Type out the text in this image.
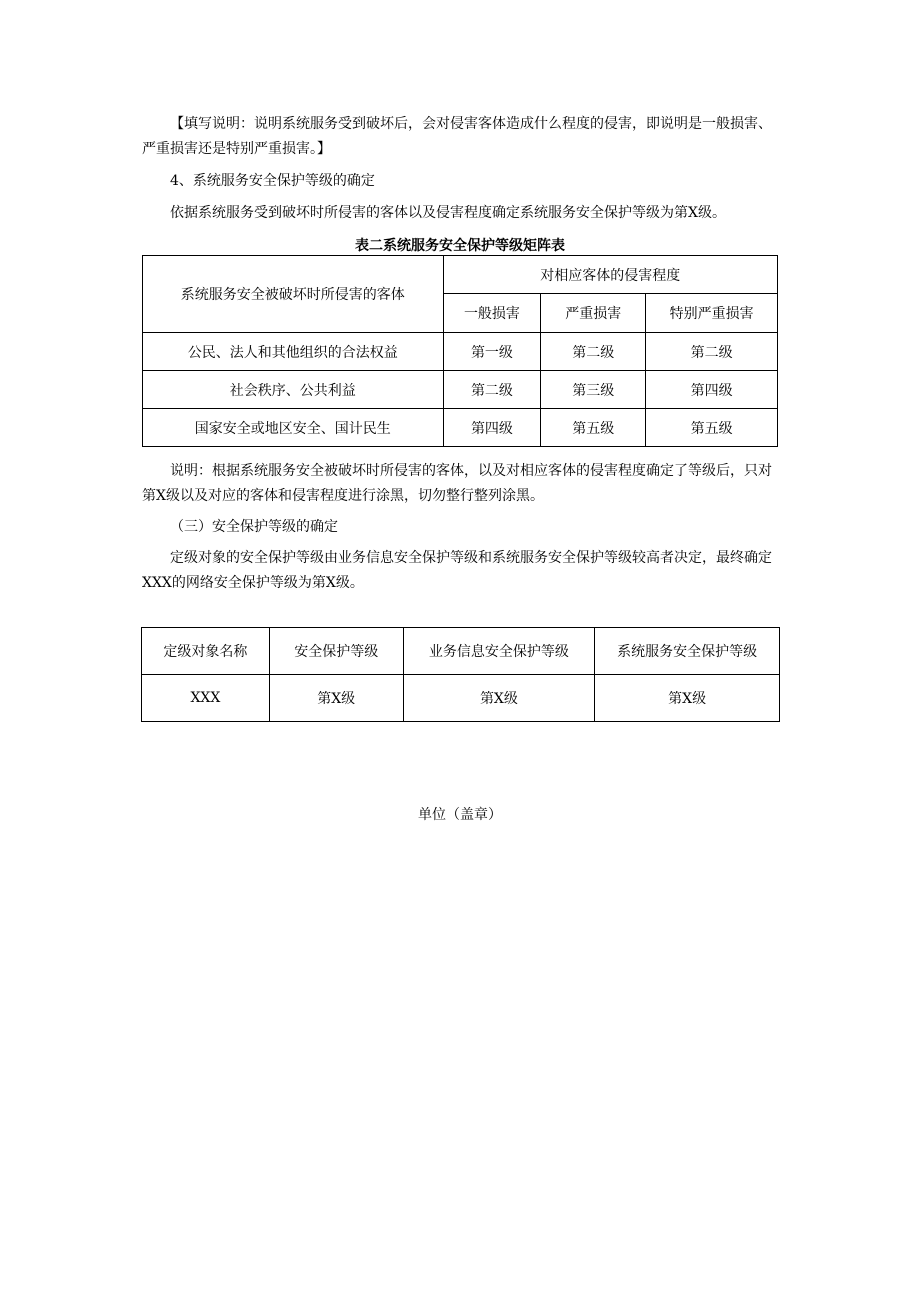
【填写说明：说明系统服务受到破坏后，会对侵害客体造成什么程度的侵害，即说明是一般损害、严重损害还是特别严重损害。】

4、系统服务安全保护等级的确定

依据系统服务受到破坏时所侵害的客体以及侵害程度确定系统服务安全保护等级为第X级。

表二系统服务安全保护等级矩阵表

系统服务安全被破坏时所侵害的客体	对相应客体的侵害程度		
	一般损害	严重损害	特别严重损害
公民、法人和其他组织的合法权益	第一级	第二级	第二级
社会秩序、公共利益	第二级	第三级	第四级
国家安全或地区安全、国计民生	第四级	第五级	第五级

说明：根据系统服务安全被破坏时所侵害的客体，以及对相应客体的侵害程度确定了等级后，只对第X级以及对应的客体和侵害程度进行涂黑，切勿整行整列涂黑。

（三）安全保护等级的确定

定级对象的安全保护等级由业务信息安全保护等级和系统服务安全保护等级较高者决定，最终确定XXX的网络安全保护等级为第X级。

定级对象名称	安全保护等级	业务信息安全保护等级	系统服务安全保护等级
XXX	第X级	第X级	第X级

单位（盖章）
